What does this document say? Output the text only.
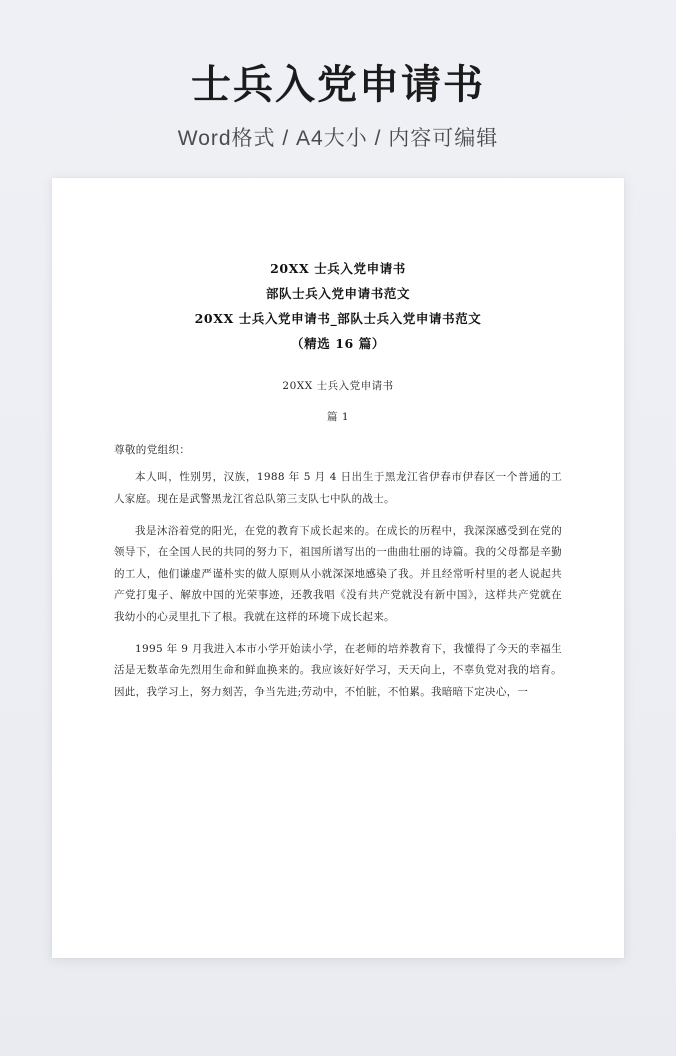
士兵入党申请书
Word格式 / A4大小 / 内容可编辑
20XX 士兵入党申请书
部队士兵入党申请书范文
20XX 士兵入党申请书_部队士兵入党申请书范文
（精选 16 篇）
20XX 士兵入党申请书
篇 1
尊敬的党组织：

本人叫，性别男，汉族，1988 年 5 月 4 日出生于黑龙江省伊春市伊春区一个普通的工人家庭。现在是武警黑龙江省总队第三支队七中队的战士。

我是沐浴着党的阳光，在党的教育下成长起来的。在成长的历程中，我深深感受到在党的领导下，在全国人民的共同的努力下，祖国所谱写出的一曲曲壮丽的诗篇。我的父母都是辛勤的工人，他们谦虚严谨朴实的做人原则从小就深深地感染了我。并且经常听村里的老人说起共产党打鬼子、解放中国的光荣事迹，还教我唱《没有共产党就没有新中国》，这样共产党就在我幼小的心灵里扎下了根。我就在这样的环境下成长起来。

1995 年 9 月我进入本市小学开始读小学，在老师的培养教育下，我懂得了今天的幸福生活是无数革命先烈用生命和鲜血换来的。我应该好好学习，天天向上，不辜负党对我的培育。因此，我学习上，努力刻苦，争当先进;劳动中，不怕脏，不怕累。我暗暗下定决心，一
